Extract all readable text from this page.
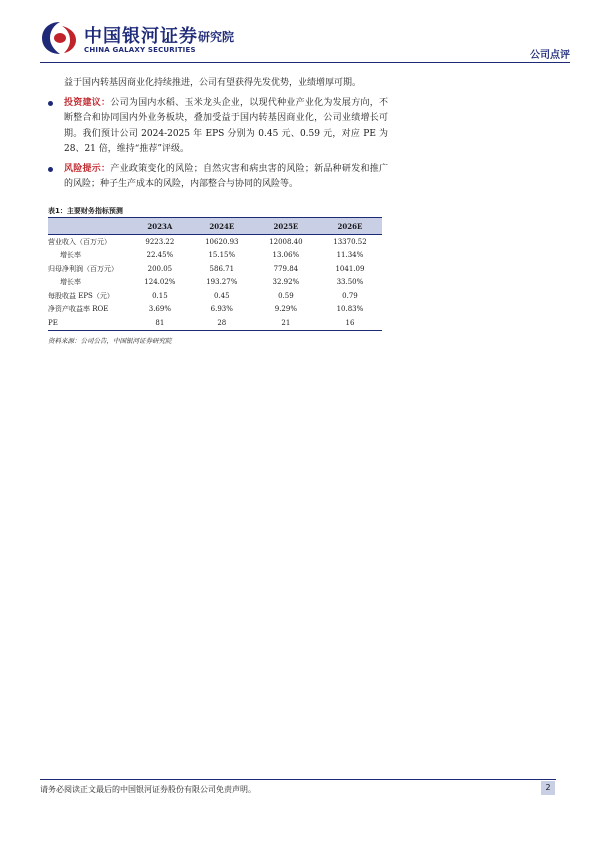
中国银河证券
CHINA GALAXY SECURITIES
研究院
公司点评
益于国内转基因商业化持续推进，公司有望获得先发优势，业绩增厚可期。
投资建议：公司为国内水稻、玉米龙头企业，以现代种业产业化为发展方向，不断整合和协同国内外业务板块，叠加受益于国内转基因商业化，公司业绩增长可期。我们预计公司 2024-2025 年 EPS 分别为 0.45 元、0.59 元，对应 PE 为 28、21 倍，维持“推荐”评级。
风险提示：产业政策变化的风险；自然灾害和病虫害的风险；新品种研发和推广的风险；种子生产成本的风险，内部整合与协同的风险等。
表1：主要财务指标预测
	2023A	2024E	2025E	2026E
营业收入（百万元）	9223.22	10620.93	12008.40	13370.52
增长率	22.45%	15.15%	13.06%	11.34%
归母净利润（百万元）	200.05	586.71	779.84	1041.09
增长率	124.02%	193.27%	32.92%	33.50%
每股收益 EPS（元）	0.15	0.45	0.59	0.79
净资产收益率 ROE	3.69%	6.93%	9.29%	10.83%
PE	81	28	21	16
资料来源：公司公告，中国银河证券研究院
请务必阅读正文最后的中国银河证券股份有限公司免责声明。	2
